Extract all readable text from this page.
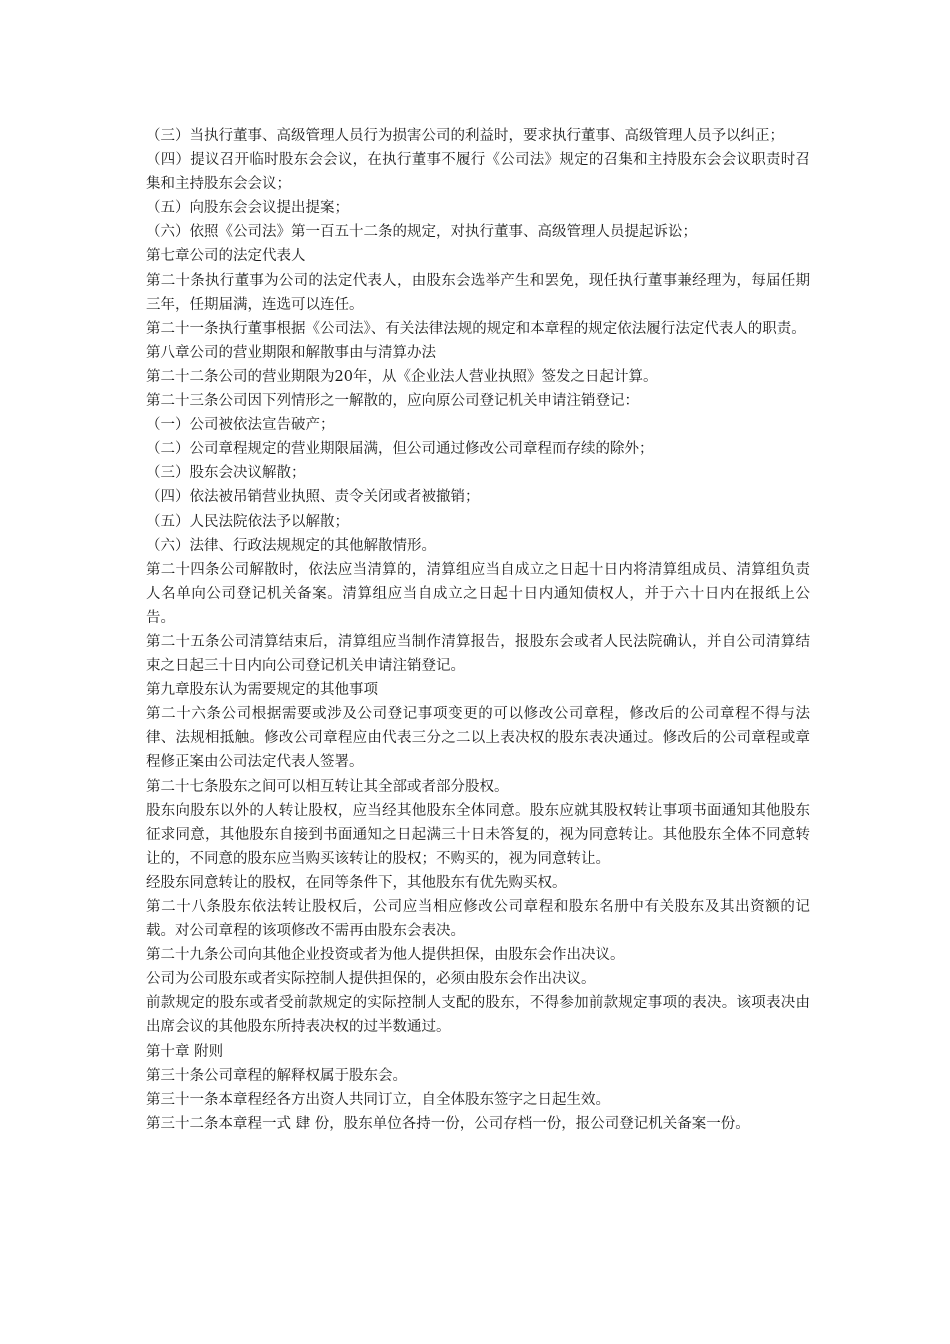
（三）当执行董事、高级管理人员行为损害公司的利益时，要求执行董事、高级管理人员予以纠正；

（四）提议召开临时股东会会议，在执行董事不履行《公司法》规定的召集和主持股东会会议职责时召集和主持股东会会议；

（五）向股东会会议提出提案；

（六）依照《公司法》第一百五十二条的规定，对执行董事、高级管理人员提起诉讼；

第七章公司的法定代表人

第二十条执行董事为公司的法定代表人，由股东会选举产生和罢免，现任执行董事兼经理为，每届任期三年，任期届满，连选可以连任。

第二十一条执行董事根据《公司法》、有关法律法规的规定和本章程的规定依法履行法定代表人的职责。

第八章公司的营业期限和解散事由与清算办法

第二十二条公司的营业期限为20年，从《企业法人营业执照》签发之日起计算。

第二十三条公司因下列情形之一解散的，应向原公司登记机关申请注销登记：

（一）公司被依法宣告破产；

（二）公司章程规定的营业期限届满，但公司通过修改公司章程而存续的除外；

（三）股东会决议解散；

（四）依法被吊销营业执照、责令关闭或者被撤销；

（五）人民法院依法予以解散；

（六）法律、行政法规规定的其他解散情形。

第二十四条公司解散时，依法应当清算的，清算组应当自成立之日起十日内将清算组成员、清算组负责人名单向公司登记机关备案。清算组应当自成立之日起十日内通知债权人，并于六十日内在报纸上公告。

第二十五条公司清算结束后，清算组应当制作清算报告，报股东会或者人民法院确认，并自公司清算结束之日起三十日内向公司登记机关申请注销登记。

第九章股东认为需要规定的其他事项

第二十六条公司根据需要或涉及公司登记事项变更的可以修改公司章程，修改后的公司章程不得与法律、法规相抵触。修改公司章程应由代表三分之二以上表决权的股东表决通过。修改后的公司章程或章程修正案由公司法定代表人签署。

第二十七条股东之间可以相互转让其全部或者部分股权。

股东向股东以外的人转让股权，应当经其他股东全体同意。股东应就其股权转让事项书面通知其他股东征求同意，其他股东自接到书面通知之日起满三十日未答复的，视为同意转让。其他股东全体不同意转让的，不同意的股东应当购买该转让的股权；不购买的，视为同意转让。

经股东同意转让的股权，在同等条件下，其他股东有优先购买权。

第二十八条股东依法转让股权后，公司应当相应修改公司章程和股东名册中有关股东及其出资额的记载。对公司章程的该项修改不需再由股东会表决。

第二十九条公司向其他企业投资或者为他人提供担保，由股东会作出决议。

公司为公司股东或者实际控制人提供担保的，必须由股东会作出决议。

前款规定的股东或者受前款规定的实际控制人支配的股东，不得参加前款规定事项的表决。该项表决由出席会议的其他股东所持表决权的过半数通过。

第十章 附则

第三十条公司章程的解释权属于股东会。

第三十一条本章程经各方出资人共同订立，自全体股东签字之日起生效。

第三十二条本章程一式 肆 份，股东单位各持一份，公司存档一份，报公司登记机关备案一份。
